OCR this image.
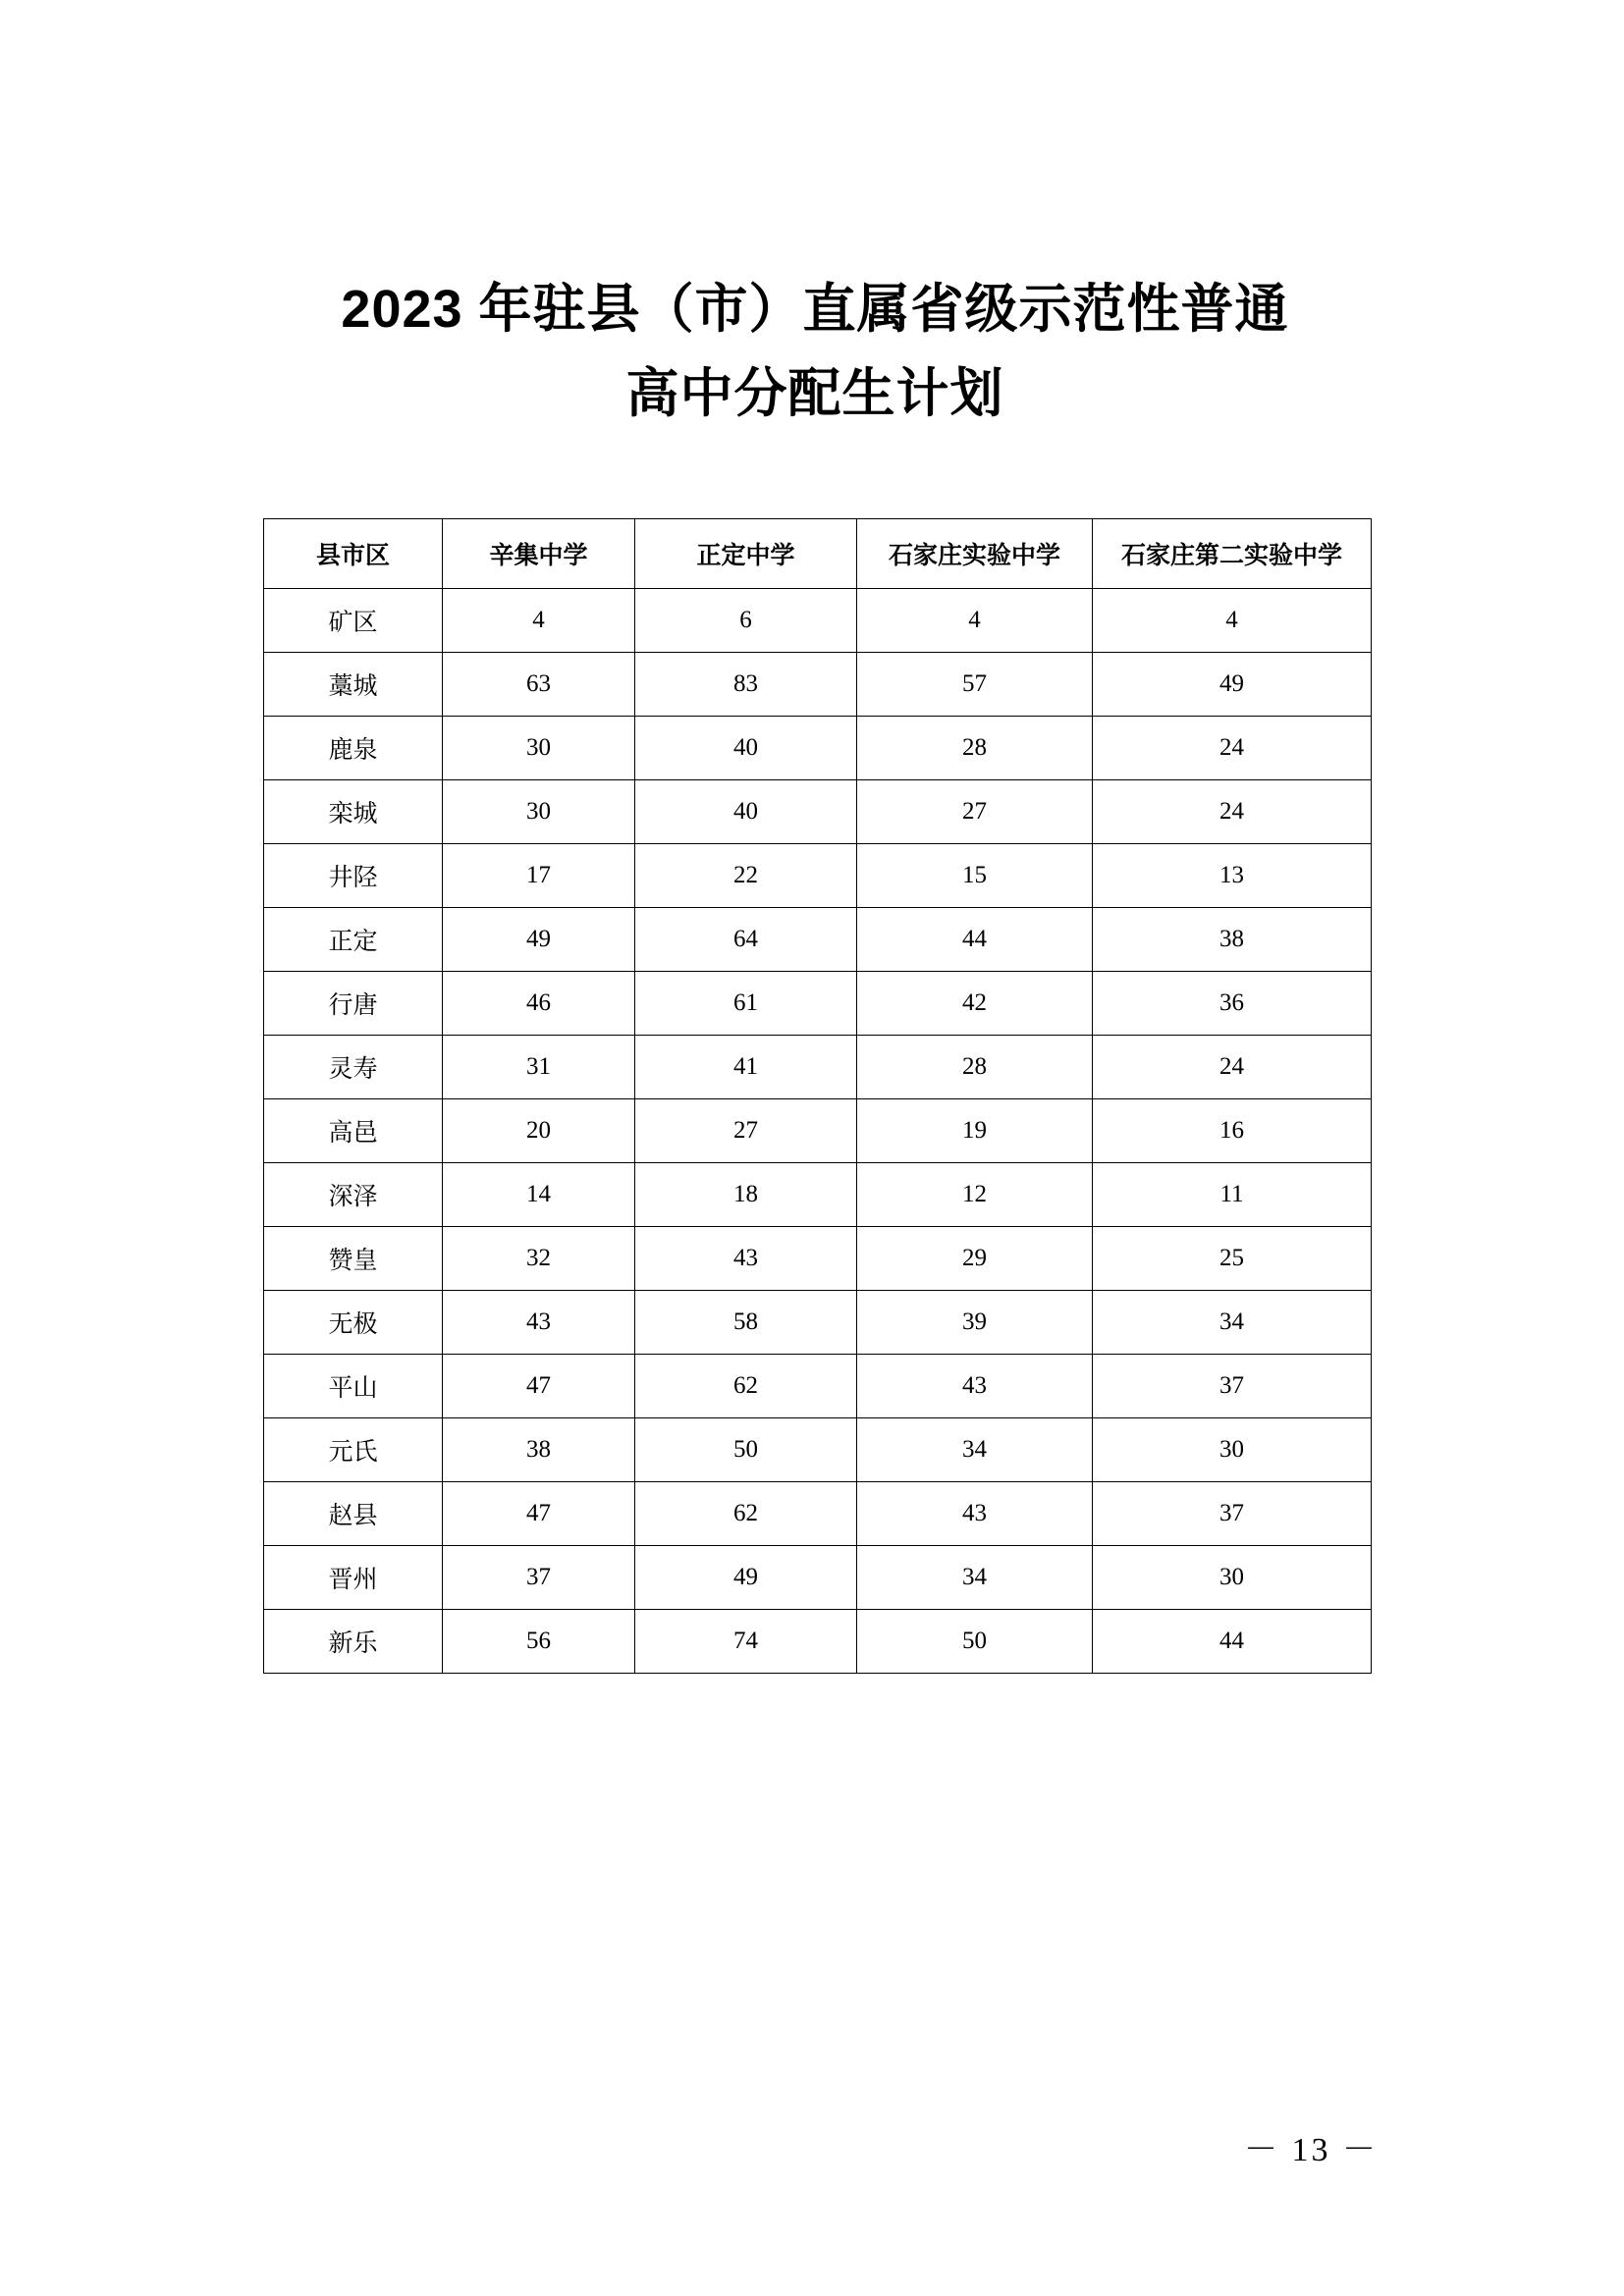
2023 年驻县（市）直属省级示范性普通
高中分配生计划
县市区	辛集中学	正定中学	石家庄实验中学	石家庄第二实验中学
矿区	4	6	4	4
藁城	63	83	57	49
鹿泉	30	40	28	24
栾城	30	40	27	24
井陉	17	22	15	13
正定	49	64	44	38
行唐	46	61	42	36
灵寿	31	41	28	24
高邑	20	27	19	16
深泽	14	18	12	11
赞皇	32	43	29	25
无极	43	58	39	34
平山	47	62	43	37
元氏	38	50	34	30
赵县	47	62	43	37
晋州	37	49	34	30
新乐	56	74	50	44
－ 13 －
